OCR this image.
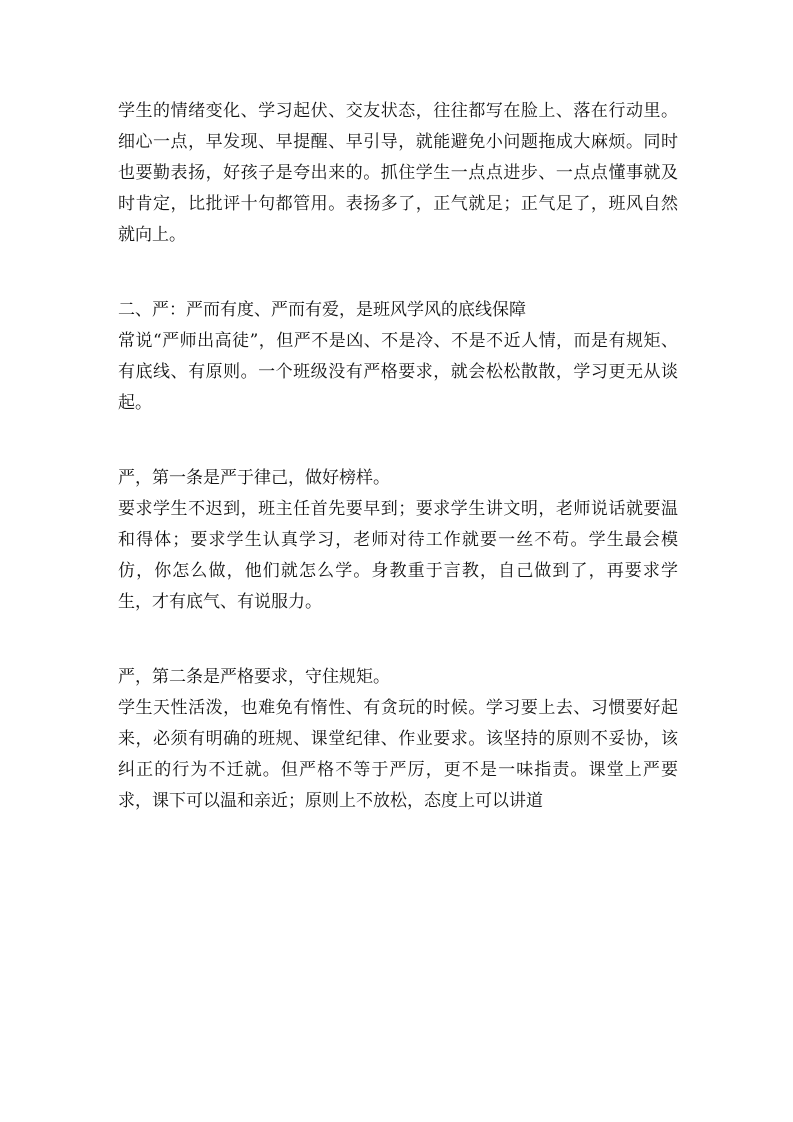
学生的情绪变化、学习起伏、交友状态，往往都写在脸上、落在行动里。细心一点，早发现、早提醒、早引导，就能避免小问题拖成大麻烦。同时也要勤表扬，好孩子是夸出来的。抓住学生一点点进步、一点点懂事就及时肯定，比批评十句都管用。表扬多了，正气就足；正气足了，班风自然就向上。

二、严：严而有度、严而有爱，是班风学风的底线保障

常说“严师出高徒”，但严不是凶、不是冷、不是不近人情，而是有规矩、有底线、有原则。一个班级没有严格要求，就会松松散散，学习更无从谈起。

严，第一条是严于律己，做好榜样。

要求学生不迟到，班主任首先要早到；要求学生讲文明，老师说话就要温和得体；要求学生认真学习，老师对待工作就要一丝不苟。学生最会模仿，你怎么做，他们就怎么学。身教重于言教，自己做到了，再要求学生，才有底气、有说服力。

严，第二条是严格要求，守住规矩。

学生天性活泼，也难免有惰性、有贪玩的时候。学习要上去、习惯要好起来，必须有明确的班规、课堂纪律、作业要求。该坚持的原则不妥协，该纠正的行为不迁就。但严格不等于严厉，更不是一味指责。课堂上严要求，课下可以温和亲近；原则上不放松，态度上可以讲道
